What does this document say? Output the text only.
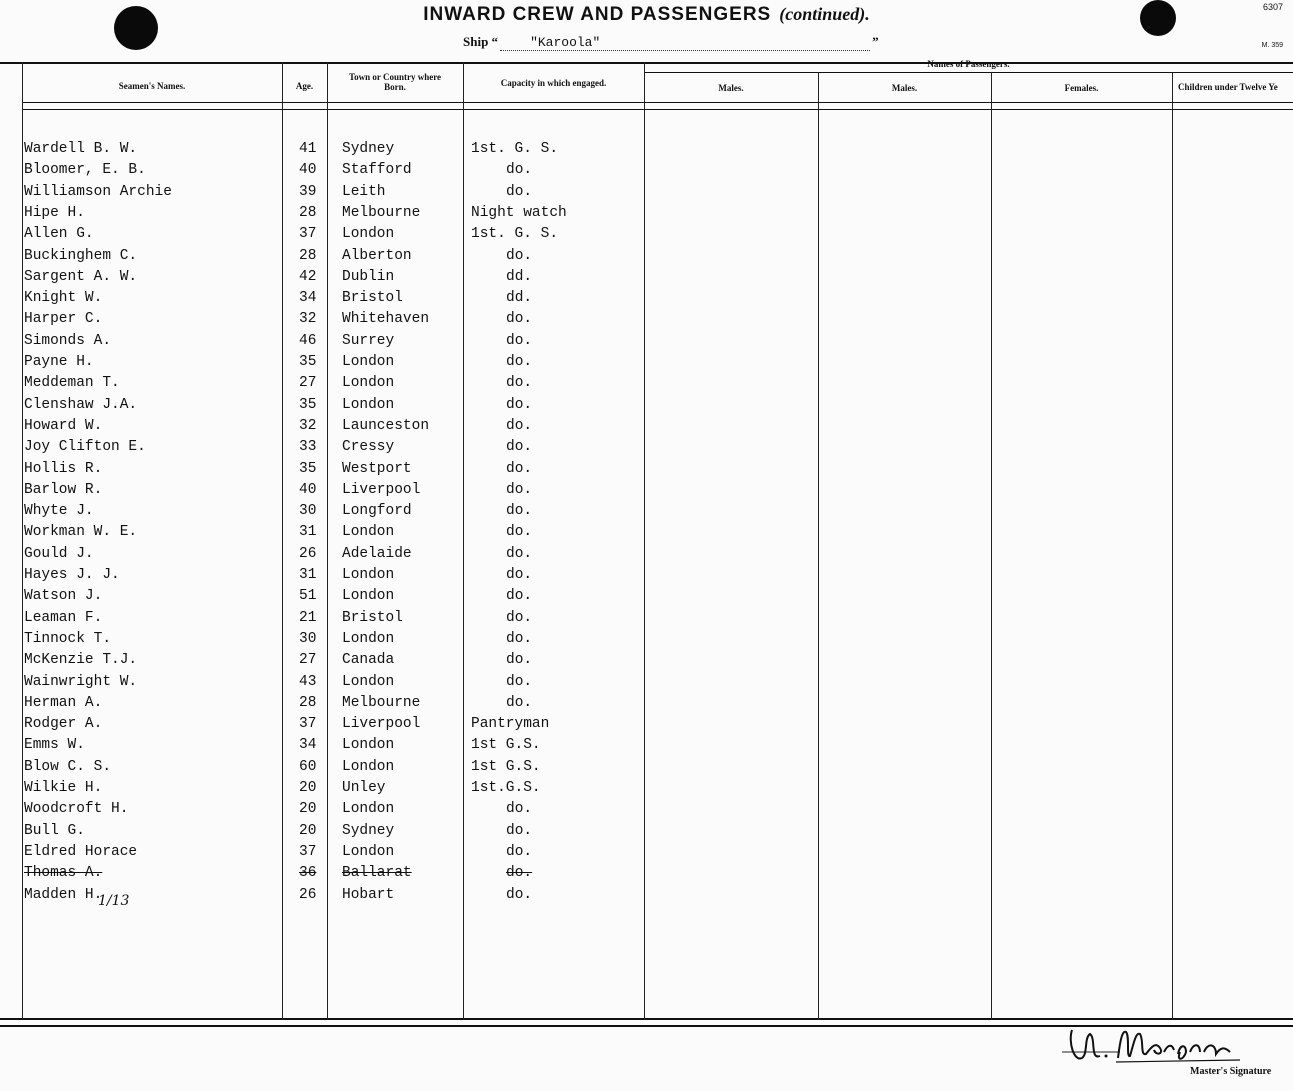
INWARD CREW AND PASSENGERS (continued).
Ship “ "Karoola"	”
6307
M. 359
Seamen's Names.	Age.
Town or Country where Born.	Capacity in which engaged.
Names of Passengers.
Males.	Males.	Females.	Children under Twelve Ye
Wardell B. W.	41 Sydney	1st. G. S.
Bloomer, E. B.	40 Stafford	do.
Williamson Archie	39 Leith	do.
Hipe H.	28 Melbourne	Night watch
Allen G.	37 London	1st. G. S.
Buckinghem C.	28 Alberton	do.
Sargent A. W.	42 Dublin	dd.
Knight W.	34 Bristol	dd.
Harper C.	32 Whitehaven	do.
Simonds A.	46 Surrey	do.
Payne H.	35 London	do.
Meddeman T.	27 London	do.
Clenshaw J.A.	35 London	do.
Howard W.	32 Launceston	do.
Joy Clifton E.	33 Cressy	do.
Hollis R.	35 Westport	do.
Barlow R.	40 Liverpool	do.
Whyte J.	30 Longford	do.
Workman W. E.	31 London	do.
Gould J.	26 Adelaide	do.
Hayes J. J.	31 London	do.
Watson J.	51 London	do.
Leaman F.	21 Bristol	do.
Tinnock T.	30 London	do.
McKenzie T.J.	27 Canada	do.
Wainwright W.	43 London	do.
Herman A.	28 Melbourne	do.
Rodger A.	37 Liverpool	Pantryman
Emms W.	34 London	1st G.S.
Blow C. S.	60 London	1st G.S.
Wilkie H.	20 Unley	1st.G.S.
Woodcroft H.	20 London	do.
Bull G.	20 Sydney	do.
Eldred Horace	37 London	do.
Thomas A.	36 Ballarat	do.
Madden H.	26 Hobart	do.
1/13
Master's Signature
